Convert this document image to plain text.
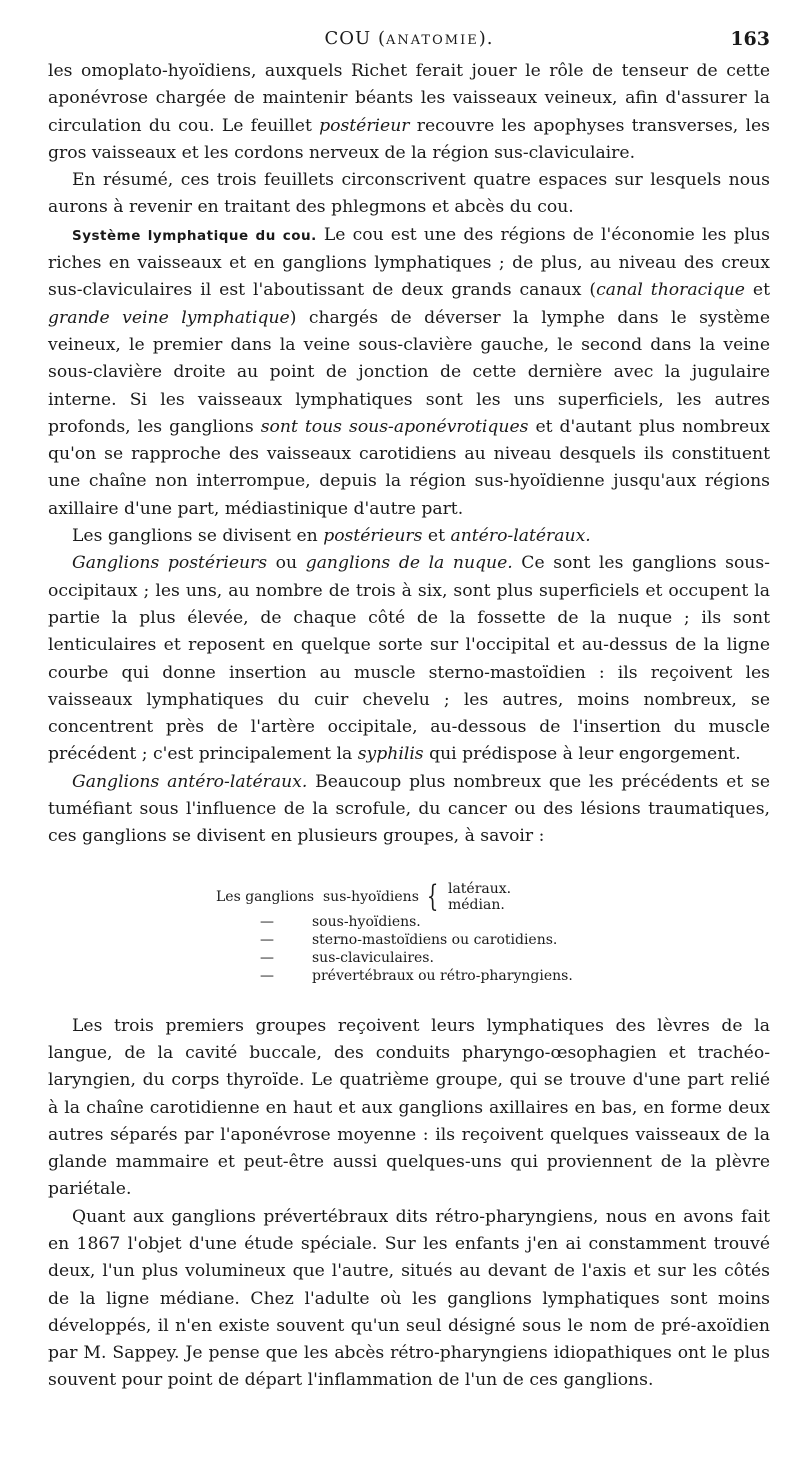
COU (ANATOMIE).	163

les omoplato-hyoïdiens, auxquels Richet ferait jouer le rôle de tenseur de cette aponévrose chargée de maintenir béants les vaisseaux veineux, afin d'assurer la circulation du cou. Le feuillet postérieur recouvre les apophyses transverses, les gros vaisseaux et les cordons nerveux de la région sus-claviculaire.

En résumé, ces trois feuillets circonscrivent quatre espaces sur lesquels nous aurons à revenir en traitant des phlegmons et abcès du cou.

Système lymphatique du cou. Le cou est une des régions de l'économie les plus riches en vaisseaux et en ganglions lymphatiques ; de plus, au niveau des creux sus-claviculaires il est l'aboutissant de deux grands canaux (canal thoracique et grande veine lymphatique) chargés de déverser la lymphe dans le système veineux, le premier dans la veine sous-clavière gauche, le second dans la veine sous-clavière droite au point de jonction de cette dernière avec la jugulaire interne. Si les vaisseaux lymphatiques sont les uns superficiels, les autres profonds, les ganglions sont tous sous-aponévrotiques et d'autant plus nombreux qu'on se rapproche des vaisseaux carotidiens au niveau desquels ils constituent une chaîne non interrompue, depuis la région sus-hyoïdienne jusqu'aux régions axillaire d'une part, médiastinique d'autre part.

Les ganglions se divisent en postérieurs et antéro-latéraux.

Ganglions postérieurs ou ganglions de la nuque. Ce sont les ganglions sous-occipitaux ; les uns, au nombre de trois à six, sont plus superficiels et occupent la partie la plus élevée, de chaque côté de la fossette de la nuque ; ils sont lenticulaires et reposent en quelque sorte sur l'occipital et au-dessus de la ligne courbe qui donne insertion au muscle sterno-mastoïdien : ils reçoivent les vaisseaux lymphatiques du cuir chevelu ; les autres, moins nombreux, se concentrent près de l'artère occipitale, au-dessous de l'insertion du muscle précédent ; c'est principalement la syphilis qui prédispose à leur engorgement.

Ganglions antéro-latéraux. Beaucoup plus nombreux que les précédents et se tuméfiant sous l'influence de la scrofule, du cancer ou des lésions traumatiques, ces ganglions se divisent en plusieurs groupes, à savoir :

Les ganglions
sus-hyoïdiens { latéraux.
médian.
—	sous-hyoïdiens.
—	sterno-mastoïdiens ou carotidiens.
—	sus-claviculaires.
—	prévertébraux ou rétro-pharyngiens.

Les trois premiers groupes reçoivent leurs lymphatiques des lèvres de la langue, de la cavité buccale, des conduits pharyngo-œsophagien et trachéo-laryngien, du corps thyroïde. Le quatrième groupe, qui se trouve d'une part relié à la chaîne carotidienne en haut et aux ganglions axillaires en bas, en forme deux autres séparés par l'aponévrose moyenne : ils reçoivent quelques vaisseaux de la glande mammaire et peut-être aussi quelques-uns qui proviennent de la plèvre pariétale.

Quant aux ganglions prévertébraux dits rétro-pharyngiens, nous en avons fait en 1867 l'objet d'une étude spéciale. Sur les enfants j'en ai constamment trouvé deux, l'un plus volumineux que l'autre, situés au devant de l'axis et sur les côtés de la ligne médiane. Chez l'adulte où les ganglions lymphatiques sont moins développés, il n'en existe souvent qu'un seul désigné sous le nom de pré-axoïdien par M. Sappey. Je pense que les abcès rétro-pharyngiens idiopathiques ont le plus souvent pour point de départ l'inflammation de l'un de ces ganglions.
